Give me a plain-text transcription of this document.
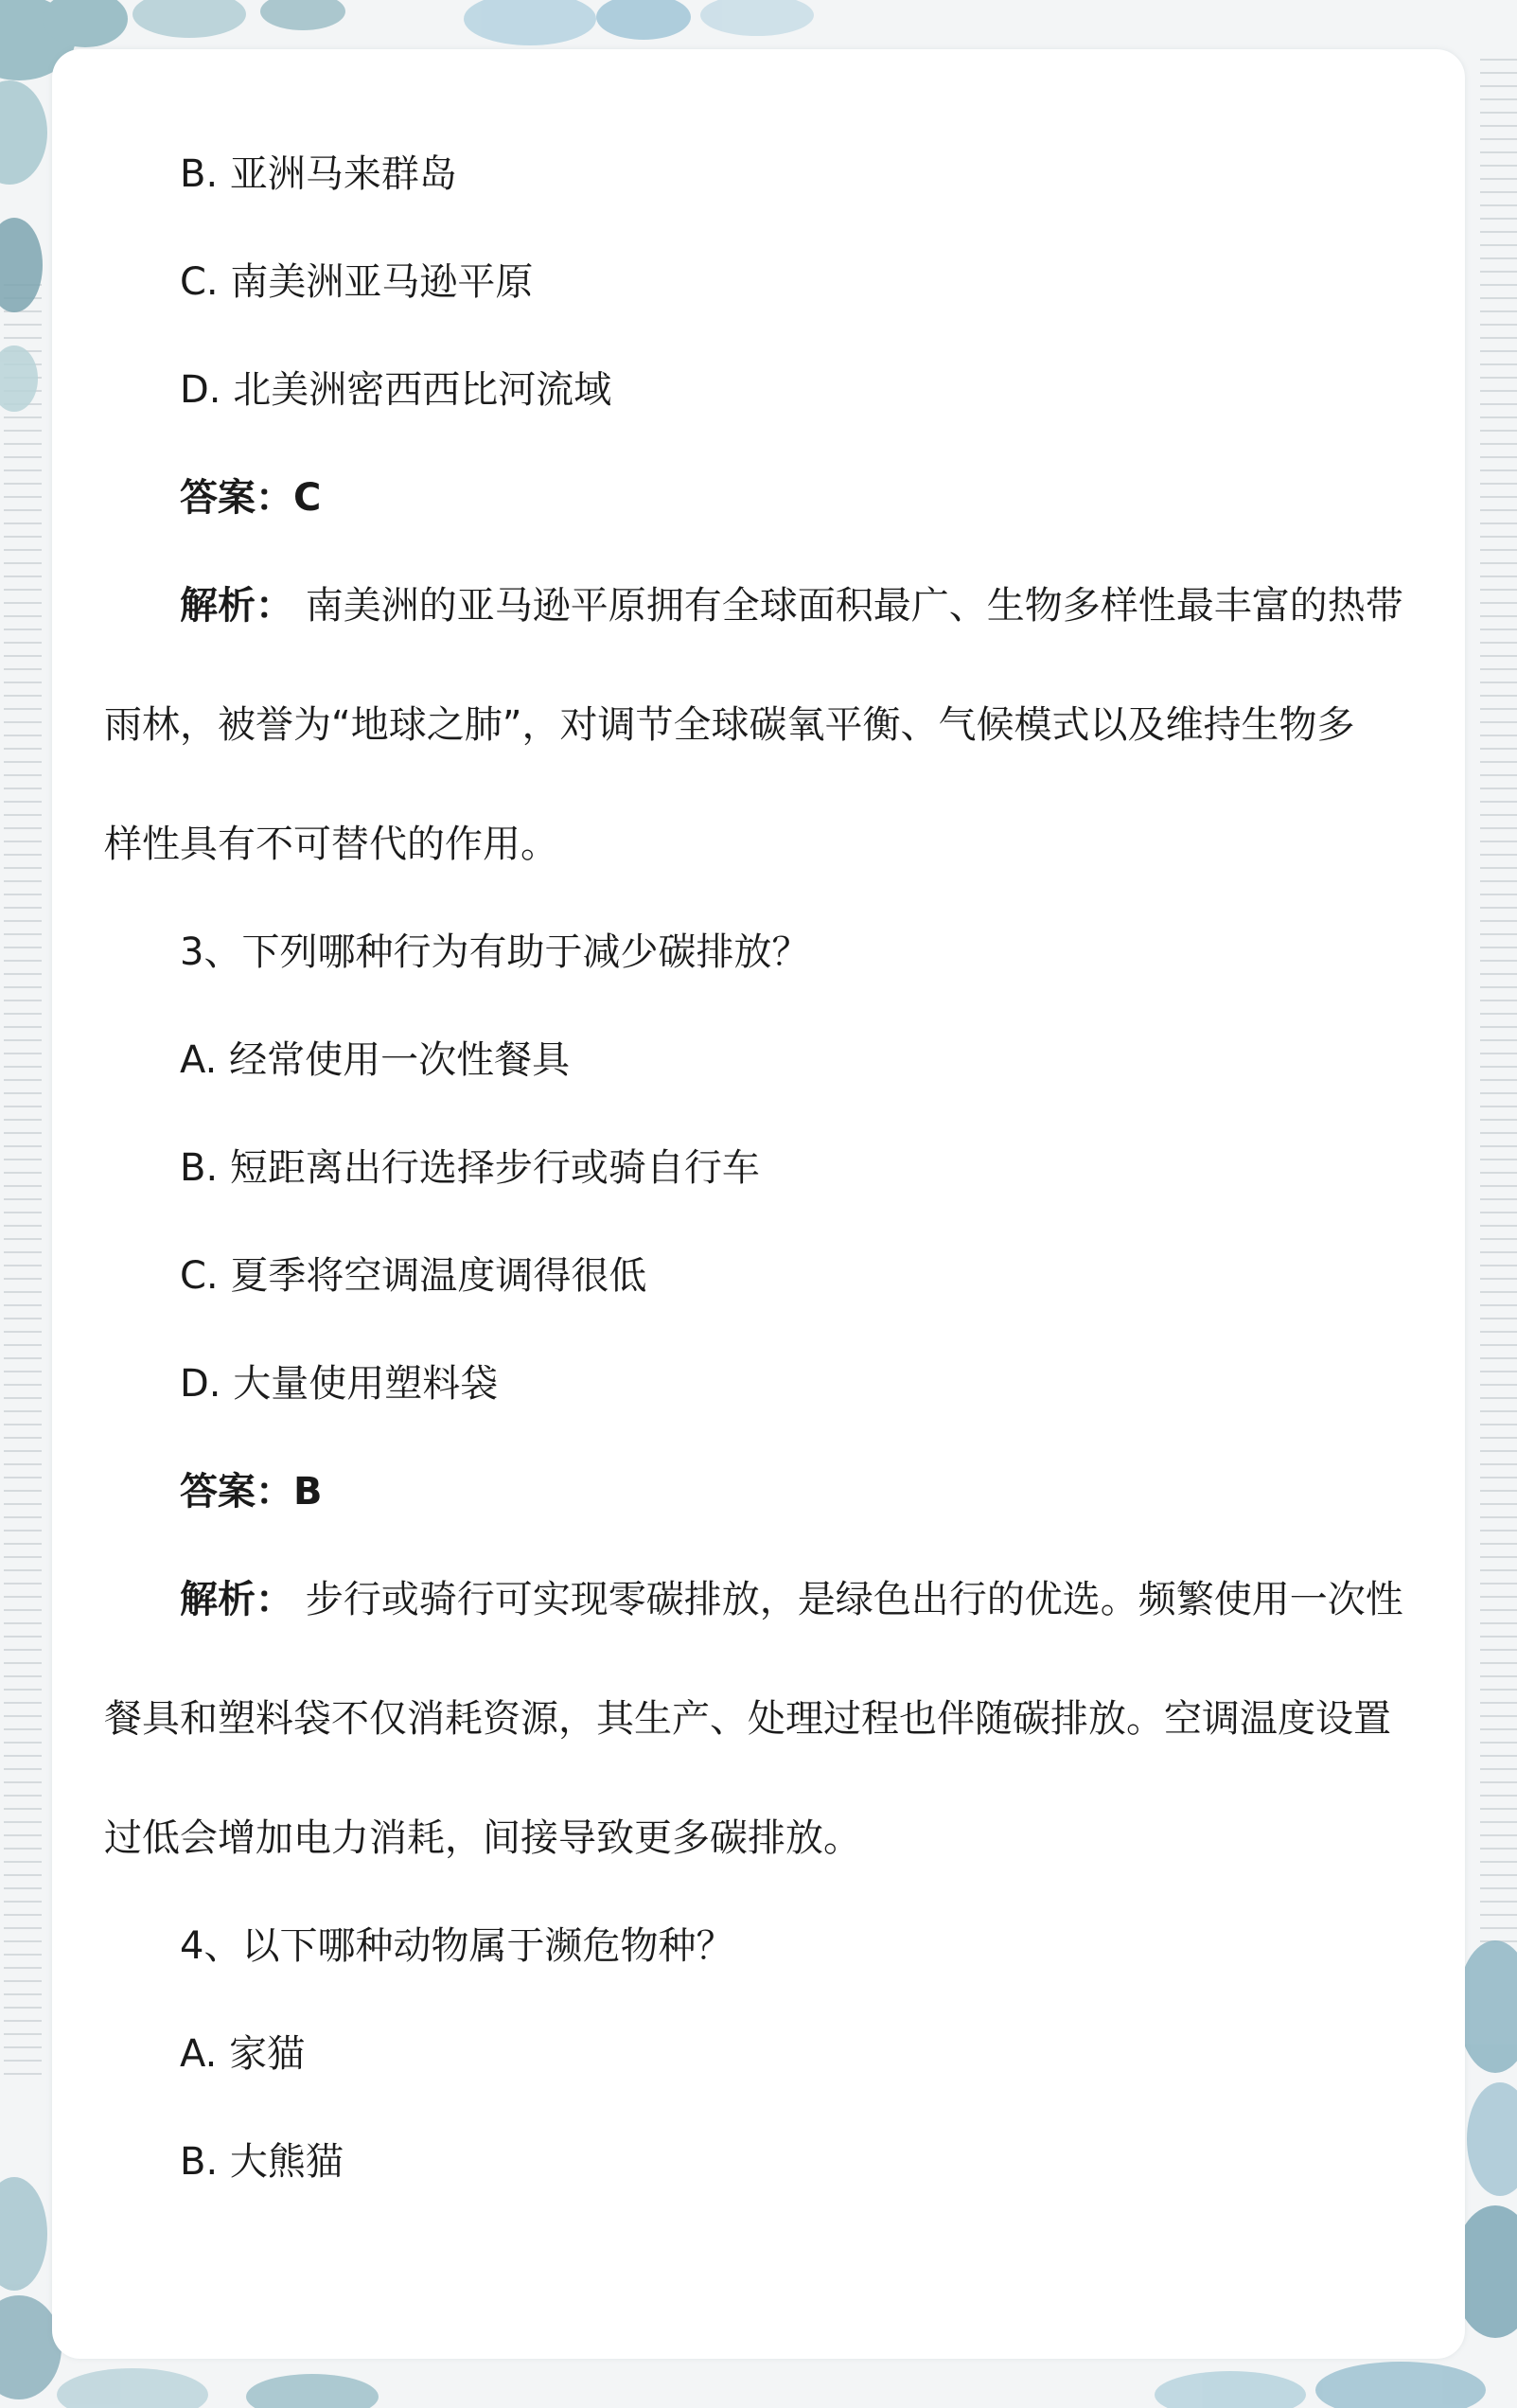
B. 亚洲马来群岛
C. 南美洲亚马逊平原
D. 北美洲密西西比河流域
答案：C
解析： 南美洲的亚马逊平原拥有全球面积最广、生物多样性最丰富的热带
雨林，被誉为“地球之肺”，对调节全球碳氧平衡、气候模式以及维持生物多
样性具有不可替代的作用。
3、下列哪种行为有助于减少碳排放？
A. 经常使用一次性餐具
B. 短距离出行选择步行或骑自行车
C. 夏季将空调温度调得很低
D. 大量使用塑料袋
答案：B
解析： 步行或骑行可实现零碳排放，是绿色出行的优选。频繁使用一次性
餐具和塑料袋不仅消耗资源，其生产、处理过程也伴随碳排放。空调温度设置
过低会增加电力消耗，间接导致更多碳排放。
4、以下哪种动物属于濒危物种？
A. 家猫
B. 大熊猫
